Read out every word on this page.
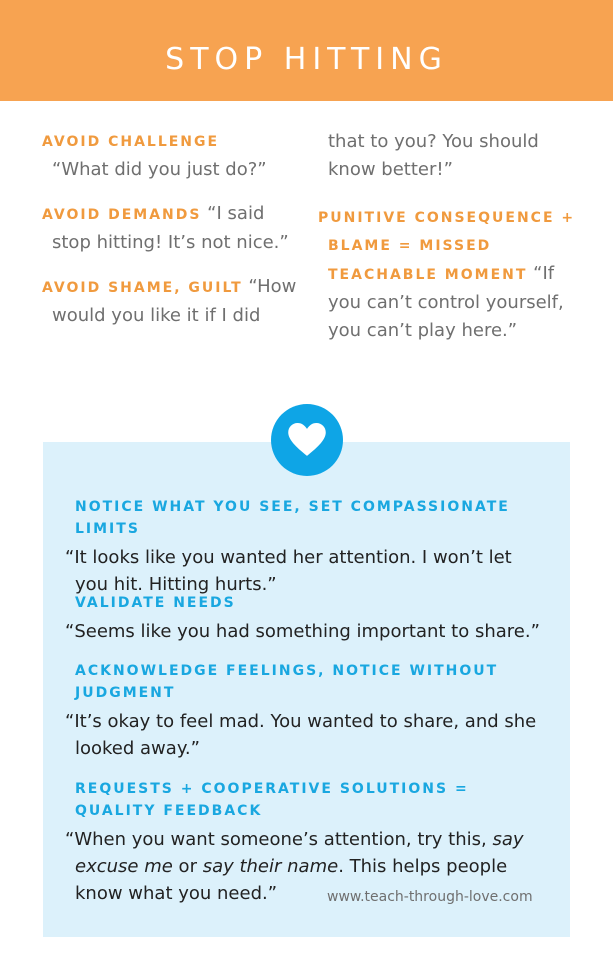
STOP HITTING
AVOID CHALLENGE
“What did you just do?”
AVOID DEMANDS “I said
stop hitting! It’s not nice.”
AVOID SHAME, GUILT “How
would you like it if I did
that to you? You should
know better!”
PUNITIVE CONSEQUENCE +
BLAME = MISSED
TEACHABLE MOMENT “If
you can’t control yourself,
you can’t play here.”
NOTICE WHAT YOU SEE, SET COMPASSIONATE LIMITS
“It looks like you wanted her attention. I won’t let
you hit. Hitting hurts.”
VALIDATE NEEDS
“Seems like you had something important to share.”
ACKNOWLEDGE FEELINGS, NOTICE WITHOUT
JUDGMENT
“It’s okay to feel mad. You wanted to share, and she
looked away.”
REQUESTS + COOPERATIVE SOLUTIONS =
QUALITY FEEDBACK
“When you want someone’s attention, try this, say
excuse me or say their name. This helps people
know what you need.”	www.teach-through-love.com
